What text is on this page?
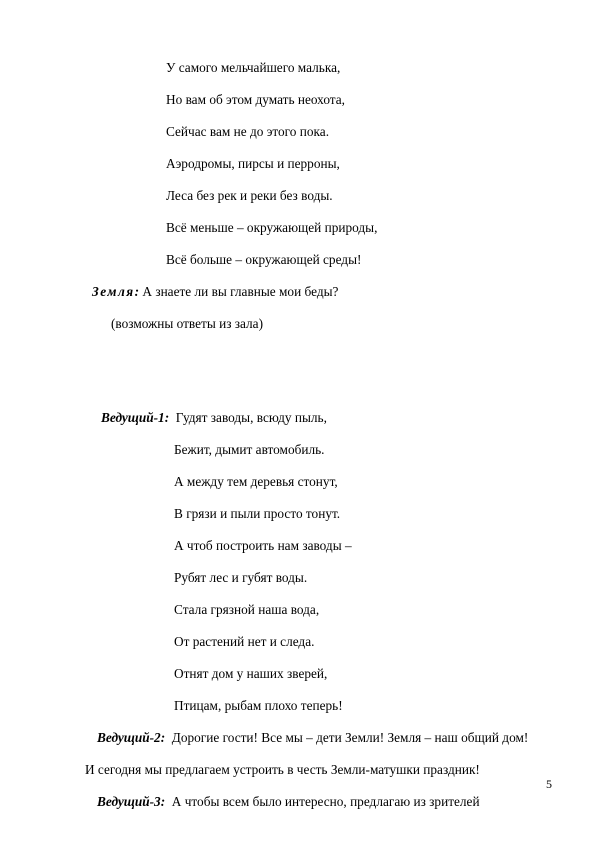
У самого мельчайшего малька,
Но вам об этом думать неохота,
Сейчас вам не до этого пока.
Аэродромы, пирсы и перроны,
Леса без рек и реки без воды.
Всё меньше – окружающей природы,
Всё больше – окружающей среды!
Земля: А знаете ли вы главные мои беды?
(возможны ответы из зала)
Ведущий-1: Гудят заводы, всюду пыль,
Бежит, дымит автомобиль.
А между тем деревья стонут,
В грязи и пыли просто тонут.
А чтоб построить нам заводы –
Рубят лес и губят воды.
Стала грязной наша вода,
От растений нет и следа.
Отнят дом у наших зверей,
Птицам, рыбам плохо теперь!
Ведущий-2: Дорогие гости! Все мы – дети Земли! Земля – наш общий дом!
И сегодня мы предлагаем устроить в честь Земли-матушки праздник!
Ведущий-3: А чтобы всем было интересно, предлагаю из зрителей
5
